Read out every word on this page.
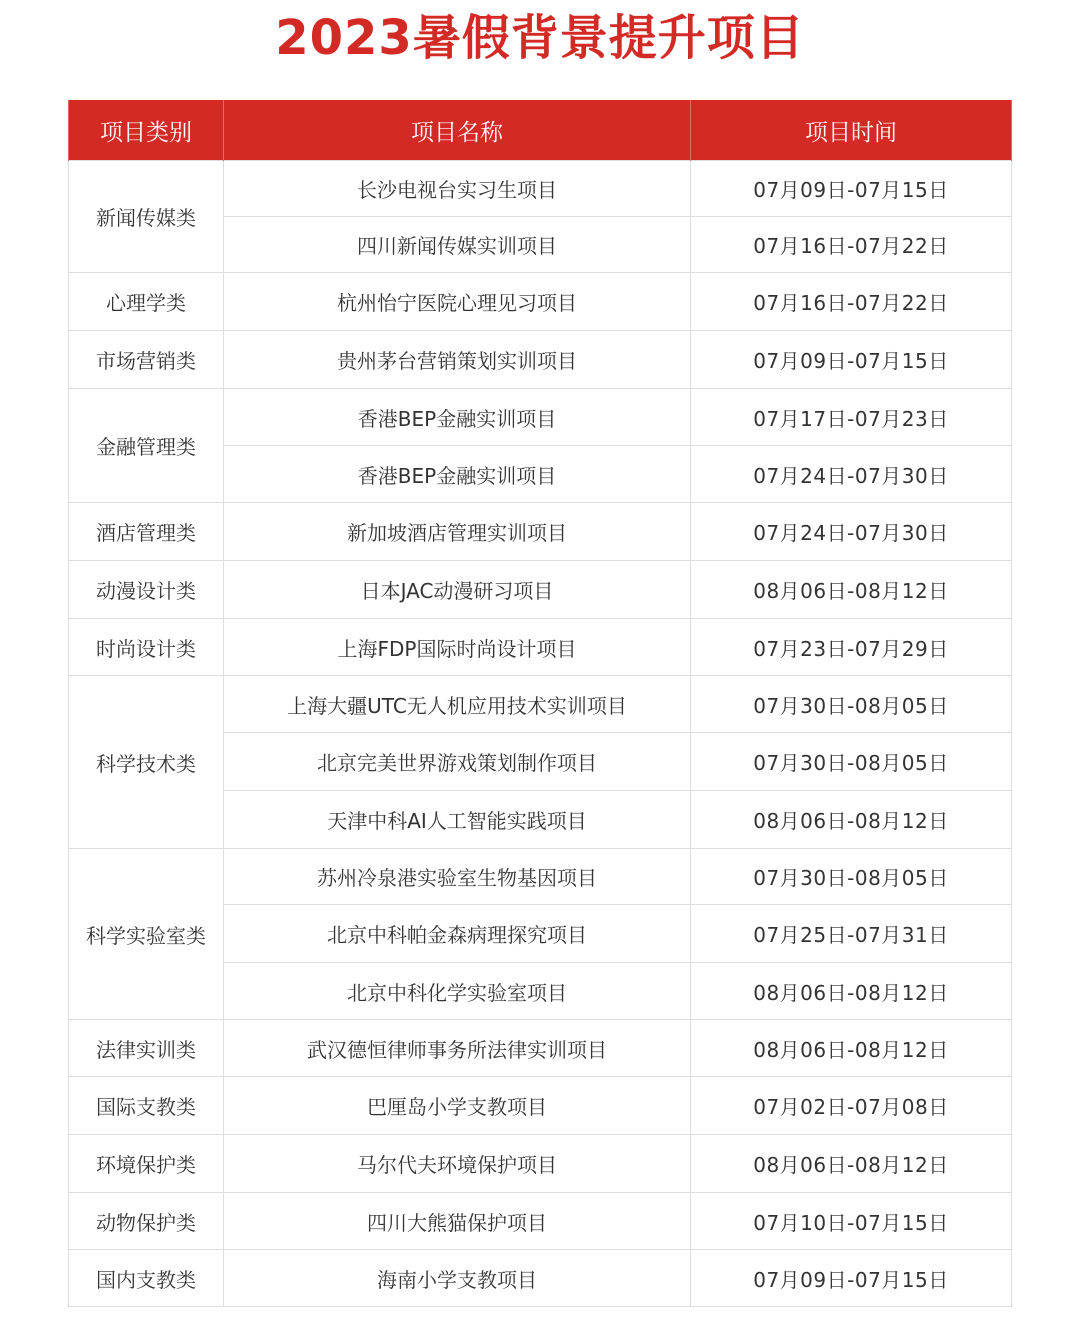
2023暑假背景提升项目
项目类别	项目名称	项目时间
新闻传媒类	长沙电视台实习生项目	07月09日-07月15日
	四川新闻传媒实训项目	07月16日-07月22日
心理学类	杭州怡宁医院心理见习项目	07月16日-07月22日
市场营销类	贵州茅台营销策划实训项目	07月09日-07月15日
金融管理类	香港BEP金融实训项目	07月17日-07月23日
	香港BEP金融实训项目	07月24日-07月30日
酒店管理类	新加坡酒店管理实训项目	07月24日-07月30日
动漫设计类	日本JAC动漫研习项目	08月06日-08月12日
时尚设计类	上海FDP国际时尚设计项目	07月23日-07月29日
科学技术类	上海大疆UTC无人机应用技术实训项目	07月30日-08月05日
	北京完美世界游戏策划制作项目	07月30日-08月05日
	天津中科AI人工智能实践项目	08月06日-08月12日
科学实验室类	苏州冷泉港实验室生物基因项目	07月30日-08月05日
	北京中科帕金森病理探究项目	07月25日-07月31日
	北京中科化学实验室项目	08月06日-08月12日
法律实训类	武汉德恒律师事务所法律实训项目	08月06日-08月12日
国际支教类	巴厘岛小学支教项目	07月02日-07月08日
环境保护类	马尔代夫环境保护项目	08月06日-08月12日
动物保护类	四川大熊猫保护项目	07月10日-07月15日
国内支教类	海南小学支教项目	07月09日-07月15日
